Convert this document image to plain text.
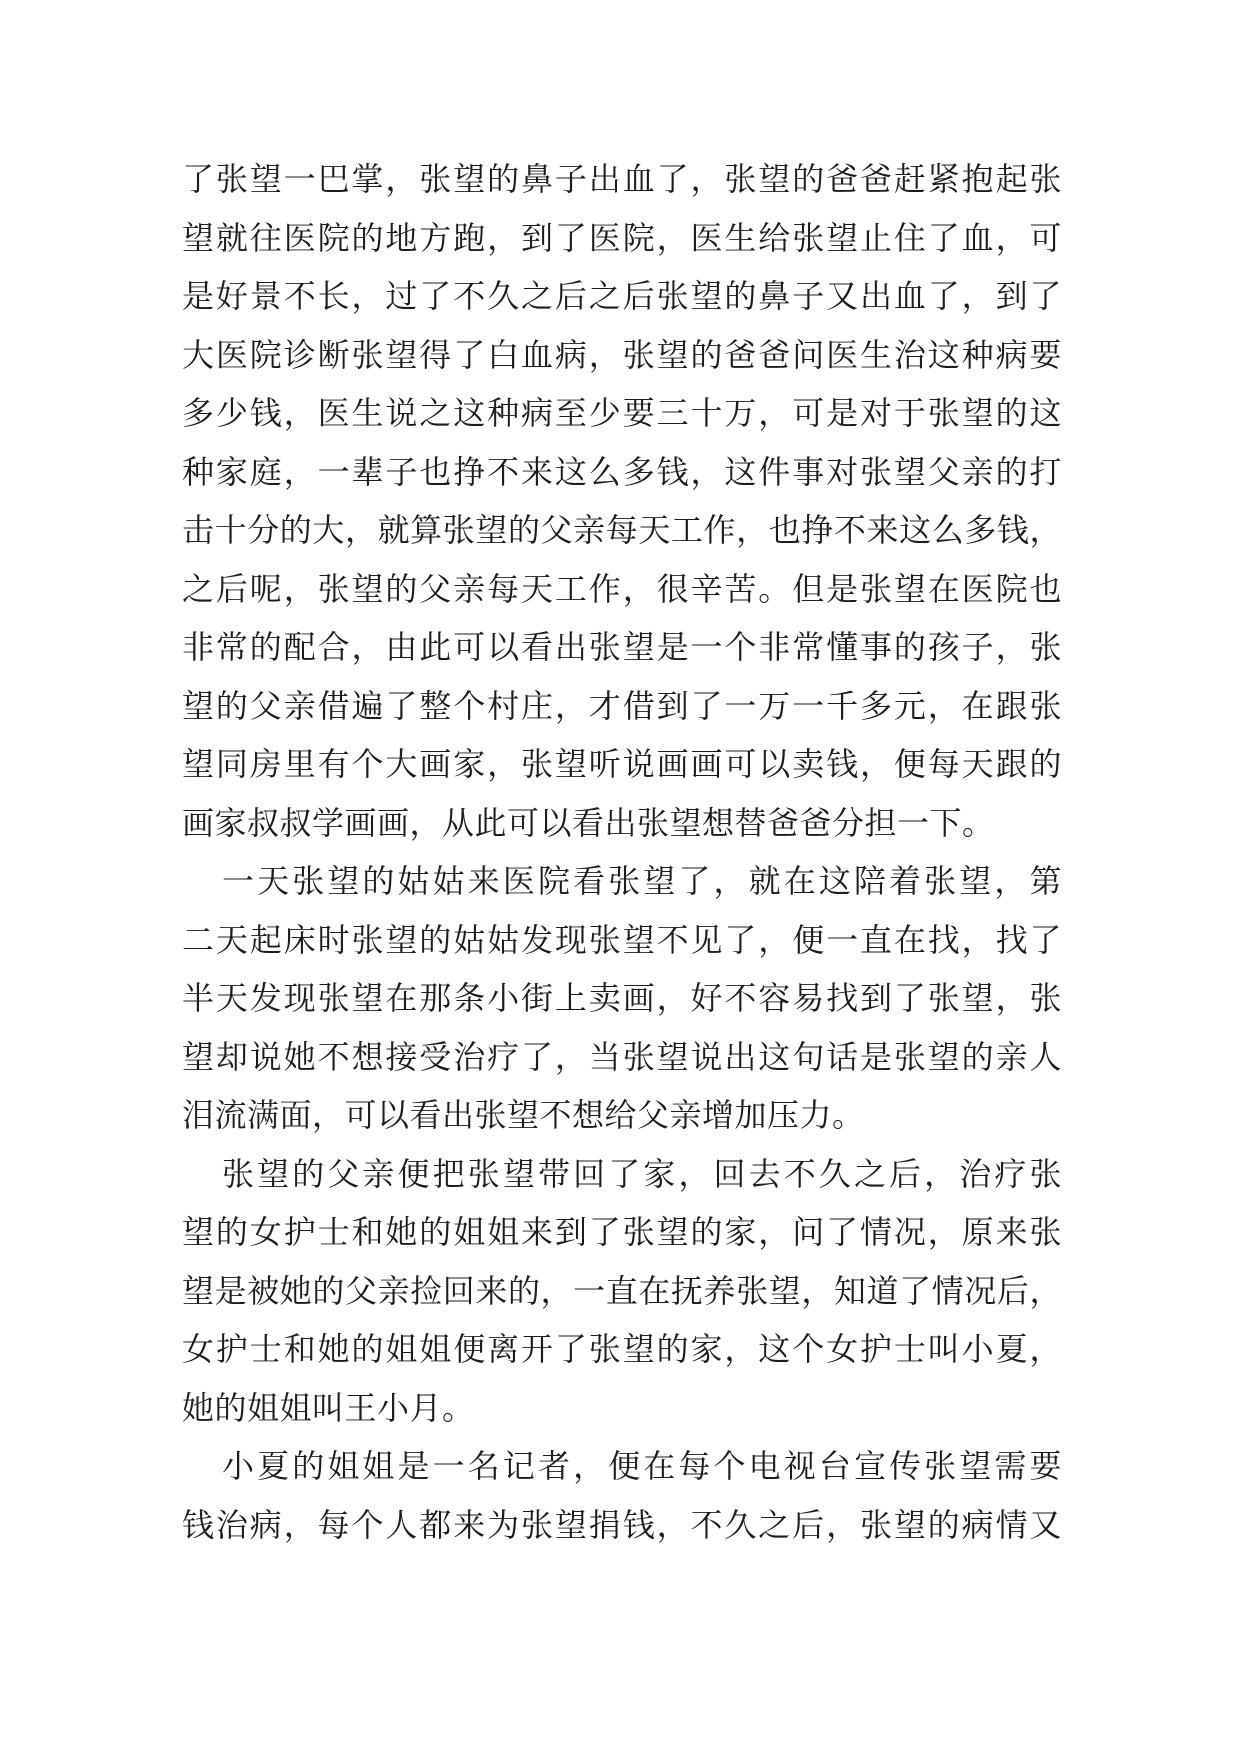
了张望一巴掌，张望的鼻子出血了，张望的爸爸赶紧抱起张
望就往医院的地方跑，到了医院，医生给张望止住了血，可
是好景不长，过了不久之后之后张望的鼻子又出血了，到了
大医院诊断张望得了白血病，张望的爸爸问医生治这种病要
多少钱，医生说之这种病至少要三十万，可是对于张望的这
种家庭，一辈子也挣不来这么多钱，这件事对张望父亲的打
击十分的大，就算张望的父亲每天工作，也挣不来这么多钱，
之后呢，张望的父亲每天工作，很辛苦。但是张望在医院也
非常的配合，由此可以看出张望是一个非常懂事的孩子，张
望的父亲借遍了整个村庄，才借到了一万一千多元，在跟张
望同房里有个大画家，张望听说画画可以卖钱，便每天跟的
画家叔叔学画画，从此可以看出张望想替爸爸分担一下。
一天张望的姑姑来医院看张望了，就在这陪着张望，第
二天起床时张望的姑姑发现张望不见了，便一直在找，找了
半天发现张望在那条小街上卖画，好不容易找到了张望，张
望却说她不想接受治疗了，当张望说出这句话是张望的亲人
泪流满面，可以看出张望不想给父亲增加压力。
张望的父亲便把张望带回了家，回去不久之后，治疗张
望的女护士和她的姐姐来到了张望的家，问了情况，原来张
望是被她的父亲捡回来的，一直在抚养张望，知道了情况后，
女护士和她的姐姐便离开了张望的家，这个女护士叫小夏，
她的姐姐叫王小月。
小夏的姐姐是一名记者，便在每个电视台宣传张望需要
钱治病，每个人都来为张望捐钱，不久之后，张望的病情又
